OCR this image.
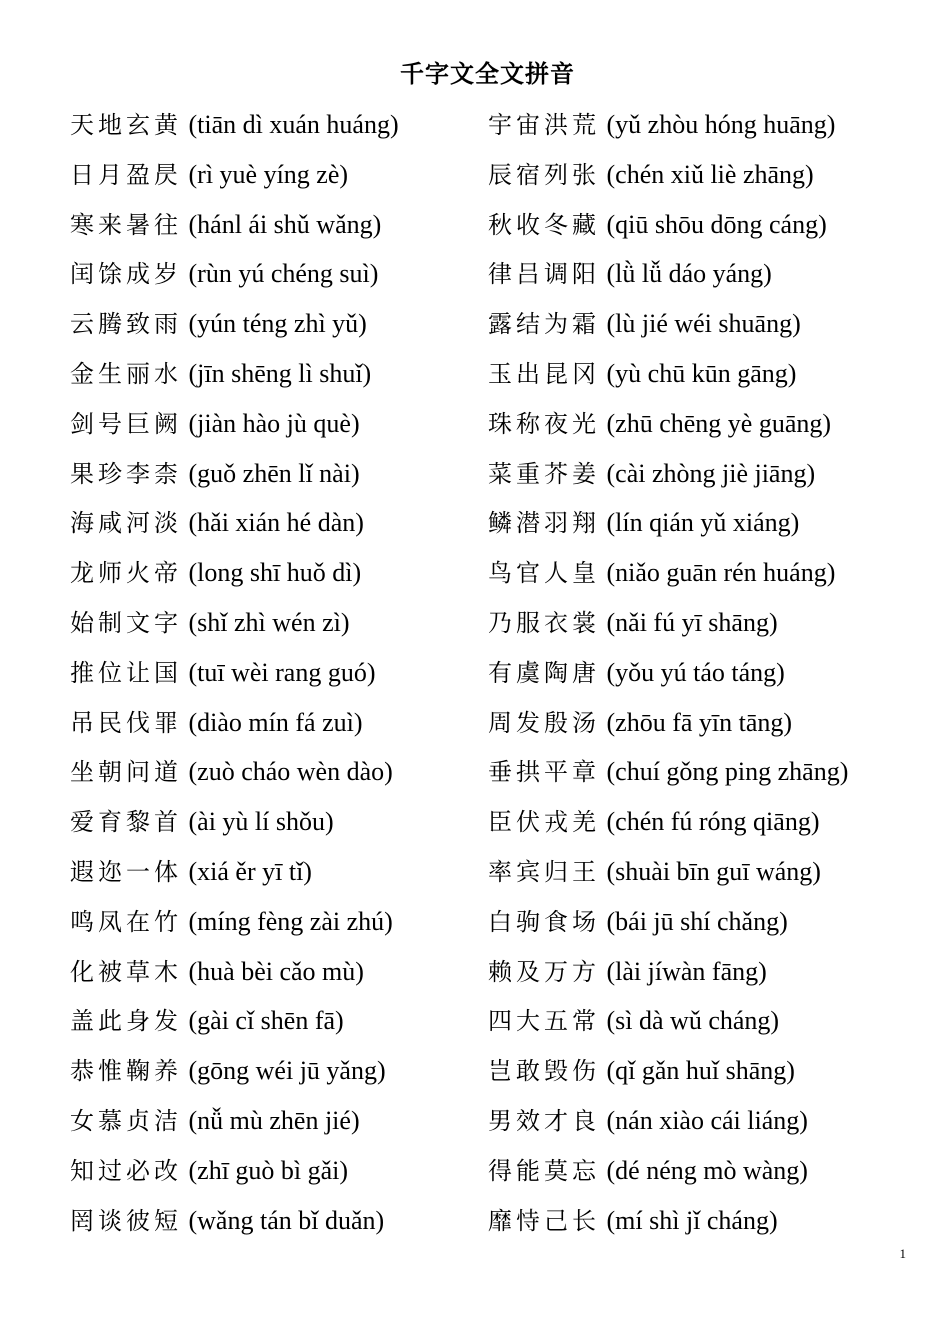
千字文全文拼音
天地玄黄 (tiān dì xuán huáng)
日月盈昃 (rì yuè yíng zè)
寒来暑往 (hánl ái shǔ wǎng)
闰馀成岁 (rùn yú chéng suì)
云腾致雨 (yún téng zhì yǔ)
金生丽水 (jīn shēng lì shuǐ)
剑号巨阙 (jiàn hào jù què)
果珍李柰 (guǒ zhēn lǐ nài)
海咸河淡 (hǎi xián hé dàn)
龙师火帝 (long shī huǒ dì)
始制文字 (shǐ zhì wén zì)
推位让国 (tuī wèi rang guó)
吊民伐罪 (diào mín fá zuì)
坐朝问道 (zuò cháo wèn dào)
爱育黎首 (ài yù lí shǒu)
遐迩一体 (xiá ěr yī tǐ)
鸣凤在竹 (míng fèng zài zhú)
化被草木 (huà bèi cǎo mù)
盖此身发 (gài cǐ shēn fā)
恭惟鞠养 (gōng wéi jū yǎng)
女慕贞洁 (nǚ mù zhēn jié)
知过必改 (zhī guò bì gǎi)
罔谈彼短 (wǎng tán bǐ duǎn)
宇宙洪荒 (yǔ zhòu hóng huāng)
辰宿列张 (chén xiǔ liè zhāng)
秋收冬藏 (qiū shōu dōng cáng)
律吕调阳 (lǜ lǚ dáo yáng)
露结为霜 (lù jié wéi shuāng)
玉出昆冈 (yù chū kūn gāng)
珠称夜光 (zhū chēng yè guāng)
菜重芥姜 (cài zhòng jiè jiāng)
鳞潜羽翔 (lín qián yǔ xiáng)
鸟官人皇 (niǎo guān rén huáng)
乃服衣裳 (nǎi fú yī shāng)
有虞陶唐 (yǒu yú táo táng)
周发殷汤 (zhōu fā yīn tāng)
垂拱平章 (chuí gǒng ping zhāng)
臣伏戎羌 (chén fú róng qiāng)
率宾归王 (shuài bīn guī wáng)
白驹食场 (bái jū shí chǎng)
赖及万方 (lài jíwàn fāng)
四大五常 (sì dà wǔ cháng)
岂敢毁伤 (qǐ gǎn huǐ shāng)
男效才良 (nán xiào cái liáng)
得能莫忘 (dé néng mò wàng)
靡恃己长 (mí shì jǐ cháng)
1
